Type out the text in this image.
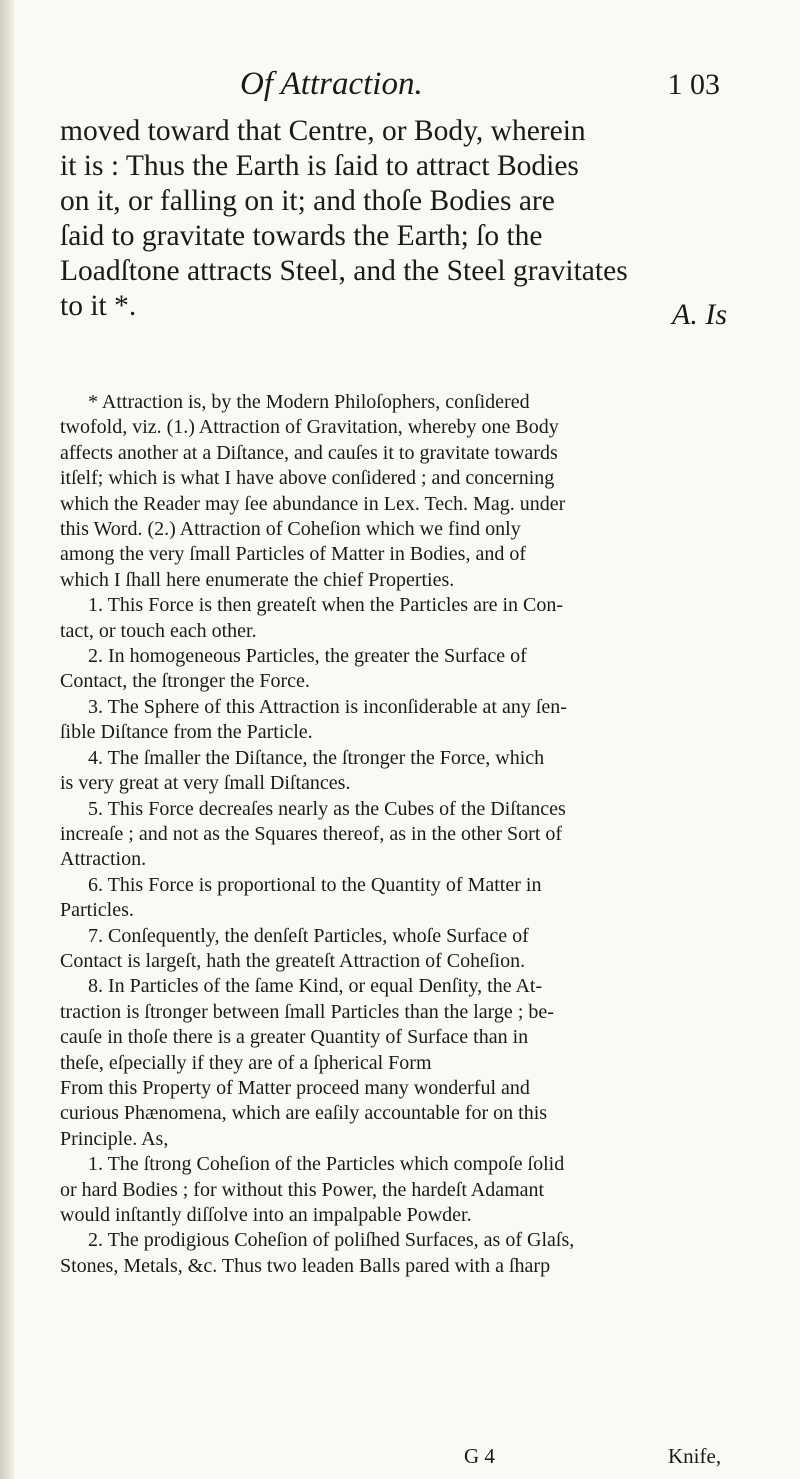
Of Attraction.	1 03
moved toward that Centre, or Body, wherein
it is : Thus the Earth is ſaid to attract Bodies
on it, or falling on it; and thoſe Bodies are
ſaid to gravitate towards the Earth; ſo the
Loadſtone attracts Steel, and the Steel gravitates
to it *.	A. Is
* Attraction is, by the Modern Philoſophers, conſidered
twofold, viz. (1.) Attraction of Gravitation, whereby one Body
affects another at a Diſtance, and cauſes it to gravitate towards
itſelf; which is what I have above conſidered ; and concerning
which the Reader may ſee abundance in Lex. Tech. Mag. under
this Word. (2.) Attraction of Coheſion which we find only
among the very ſmall Particles of Matter in Bodies, and of
which I ſhall here enumerate the chief Properties.
1. This Force is then greateſt when the Particles are in Con-
tact, or touch each other.
2. In homogeneous Particles, the greater the Surface of
Contact, the ſtronger the Force.
3. The Sphere of this Attraction is inconſiderable at any ſen-
ſible Diſtance from the Particle.
4. The ſmaller the Diſtance, the ſtronger the Force, which
is very great at very ſmall Diſtances.
5. This Force decreaſes nearly as the Cubes of the Diſtances
increaſe ; and not as the Squares thereof, as in the other Sort of
Attraction.
6. This Force is proportional to the Quantity of Matter in
Particles.
7. Conſequently, the denſeſt Particles, whoſe Surface of
Contact is largeſt, hath the greateſt Attraction of Coheſion.
8. In Particles of the ſame Kind, or equal Denſity, the At-
traction is ſtronger between ſmall Particles than the large ; be-
cauſe in thoſe there is a greater Quantity of Surface than in
theſe, eſpecially if they are of a ſpherical Form
From this Property of Matter proceed many wonderful and
curious Phænomena, which are eaſily accountable for on this
Principle. As,
1. The ſtrong Coheſion of the Particles which compoſe ſolid
or hard Bodies ; for without this Power, the hardeſt Adamant
would inſtantly diſſolve into an impalpable Powder.
2. The prodigious Coheſion of poliſhed Surfaces, as of Glaſs,
Stones, Metals, &c. Thus two leaden Balls pared with a ſharp
G 4	Knife,
